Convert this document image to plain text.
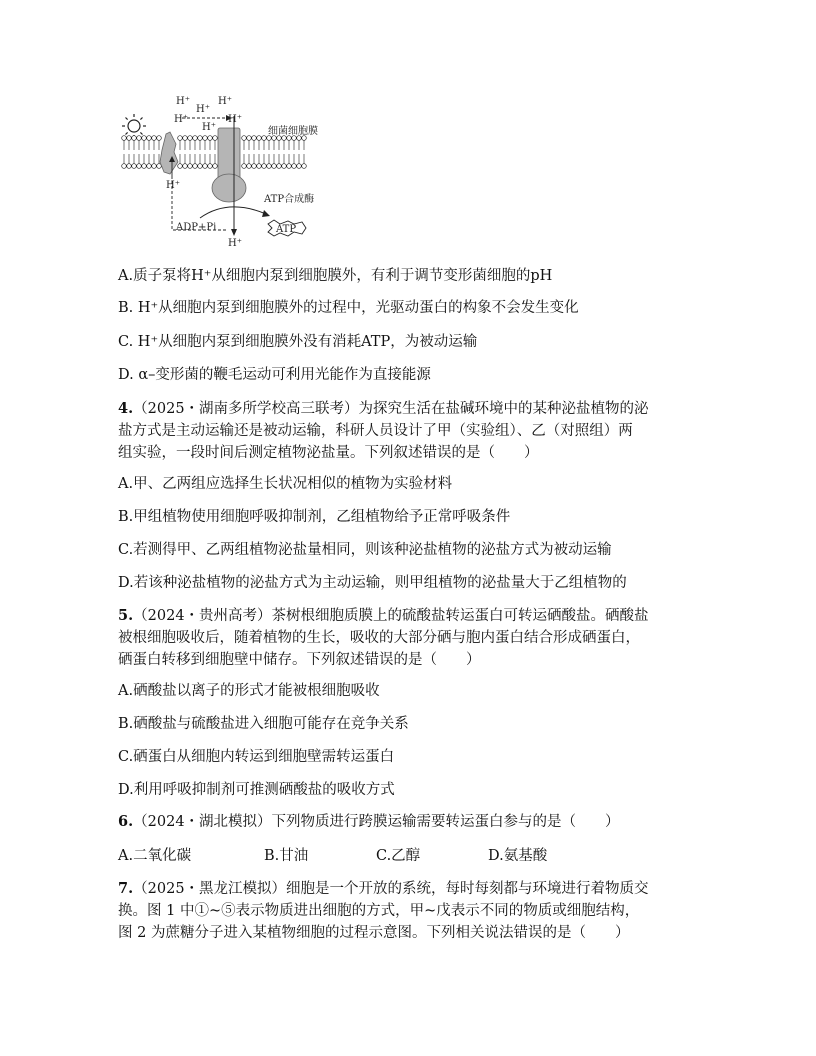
H⁺
H⁺
H⁺
H⁺
H⁺
H⁺
H⁺
H⁺
细菌细胞膜
ATP合成酶
ADP+Pi	ATP
A.质子泵将H⁺从细胞内泵到细胞膜外，有利于调节变形菌细胞的pH
B. H⁺从细胞内泵到细胞膜外的过程中，光驱动蛋白的构象不会发生变化
C. H⁺从细胞内泵到细胞膜外没有消耗ATP，为被动运输
D. α–变形菌的鞭毛运动可利用光能作为直接能源
4.（2025・湖南多所学校高三联考）为探究生活在盐碱环境中的某种泌盐植物的泌
盐方式是主动运输还是被动运输，科研人员设计了甲（实验组）、乙（对照组）两
组实验，一段时间后测定植物泌盐量。下列叙述错误的是（　　）
A.甲、乙两组应选择生长状况相似的植物为实验材料
B.甲组植物使用细胞呼吸抑制剂，乙组植物给予正常呼吸条件
C.若测得甲、乙两组植物泌盐量相同，则该种泌盐植物的泌盐方式为被动运输
D.若该种泌盐植物的泌盐方式为主动运输，则甲组植物的泌盐量大于乙组植物的
5.（2024・贵州高考）茶树根细胞质膜上的硫酸盐转运蛋白可转运硒酸盐。硒酸盐
被根细胞吸收后，随着植物的生长，吸收的大部分硒与胞内蛋白结合形成硒蛋白，
硒蛋白转移到细胞壁中储存。下列叙述错误的是（　　）
A.硒酸盐以离子的形式才能被根细胞吸收
B.硒酸盐与硫酸盐进入细胞可能存在竞争关系
C.硒蛋白从细胞内转运到细胞壁需转运蛋白
D.利用呼吸抑制剂可推测硒酸盐的吸收方式
6.（2024・湖北模拟）下列物质进行跨膜运输需要转运蛋白参与的是（　　）
A.二氧化碳	B.甘油	C.乙醇	D.氨基酸
7.（2025・黑龙江模拟）细胞是一个开放的系统，每时每刻都与环境进行着物质交
换。图 1 中①~⑤表示物质进出细胞的方式，甲~戊表示不同的物质或细胞结构，
图 2 为蔗糖分子进入某植物细胞的过程示意图。下列相关说法错误的是（　　）
